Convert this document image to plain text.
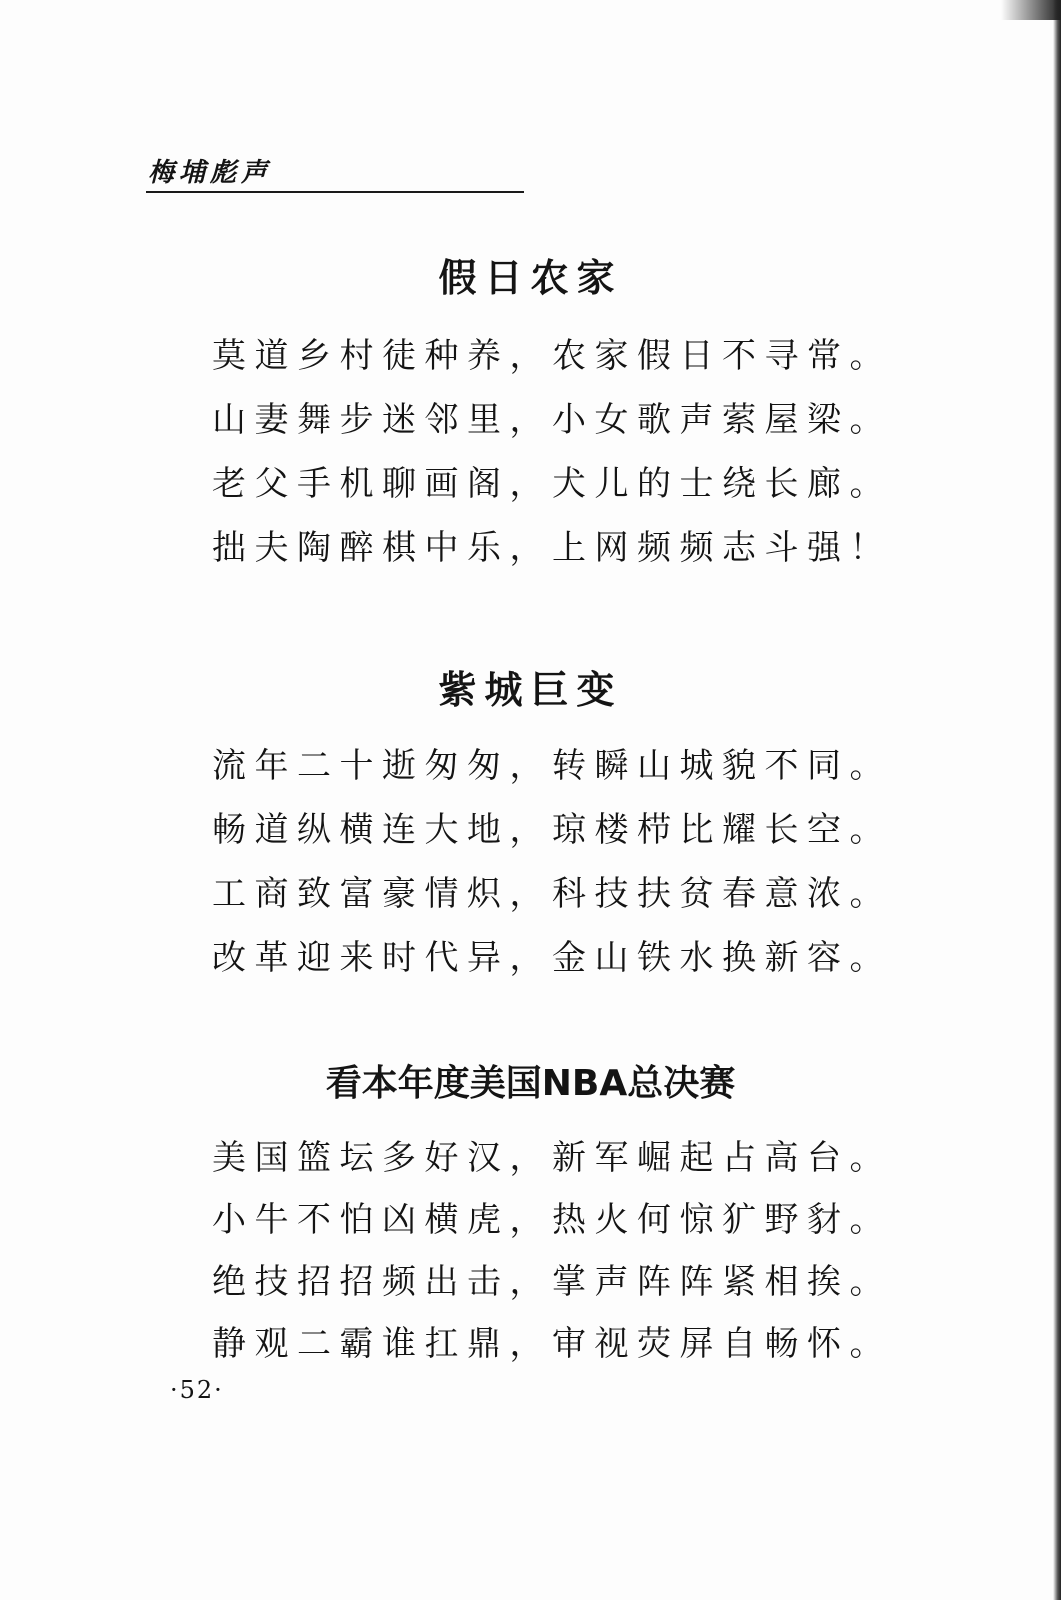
梅埔彪声
假日农家
莫道乡村徒种养，农家假日不寻常。
山妻舞步迷邻里，小女歌声萦屋梁。
老父手机聊画阁，犬儿的士绕长廊。
拙夫陶醉棋中乐，上网频频志斗强！
紫城巨变
流年二十逝匆匆，转瞬山城貌不同。
畅道纵横连大地，琼楼栉比耀长空。
工商致富豪情炽，科技扶贫春意浓。
改革迎来时代异，金山铁水换新容。
看本年度美国NBA总决赛
美国篮坛多好汉，新军崛起占高台。
小牛不怕凶横虎，热火何惊犷野豺。
绝技招招频出击，掌声阵阵紧相挨。
静观二霸谁扛鼎，审视荧屏自畅怀。
·52·
